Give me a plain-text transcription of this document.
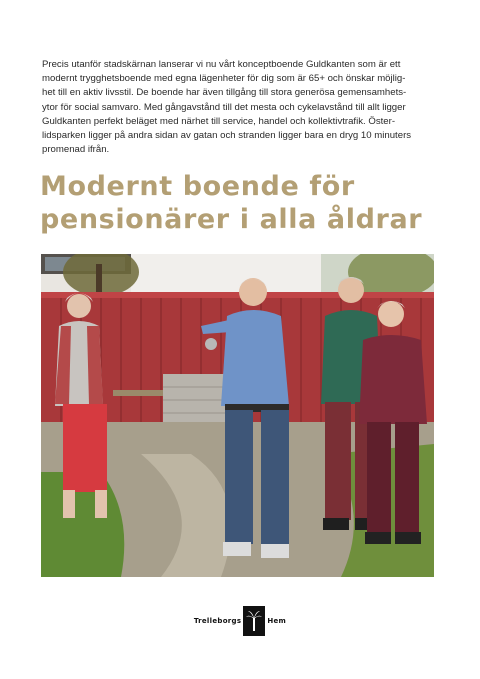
Precis utanför stadskärnan lanserar vi nu vårt konceptboende Guldkanten som är ett
modernt trygghetsboende med egna lägenheter för dig som är 65+ och önskar möjlig-
het till en aktiv livsstil. De boende har även tillgång till stora generösa gemensamhets-
ytor för social samvaro. Med gångavstånd till det mesta och cykelavstånd till allt ligger
Guldkanten perfekt beläget med närhet till service, handel och kollektivtrafik. Öster-
lidsparken ligger på andra sidan av gatan och stranden ligger bara en dryg 10 minuters
promenad ifrån.

Modernt boende för
pensionärer i alla åldrar
Trelleborgs	Hem
